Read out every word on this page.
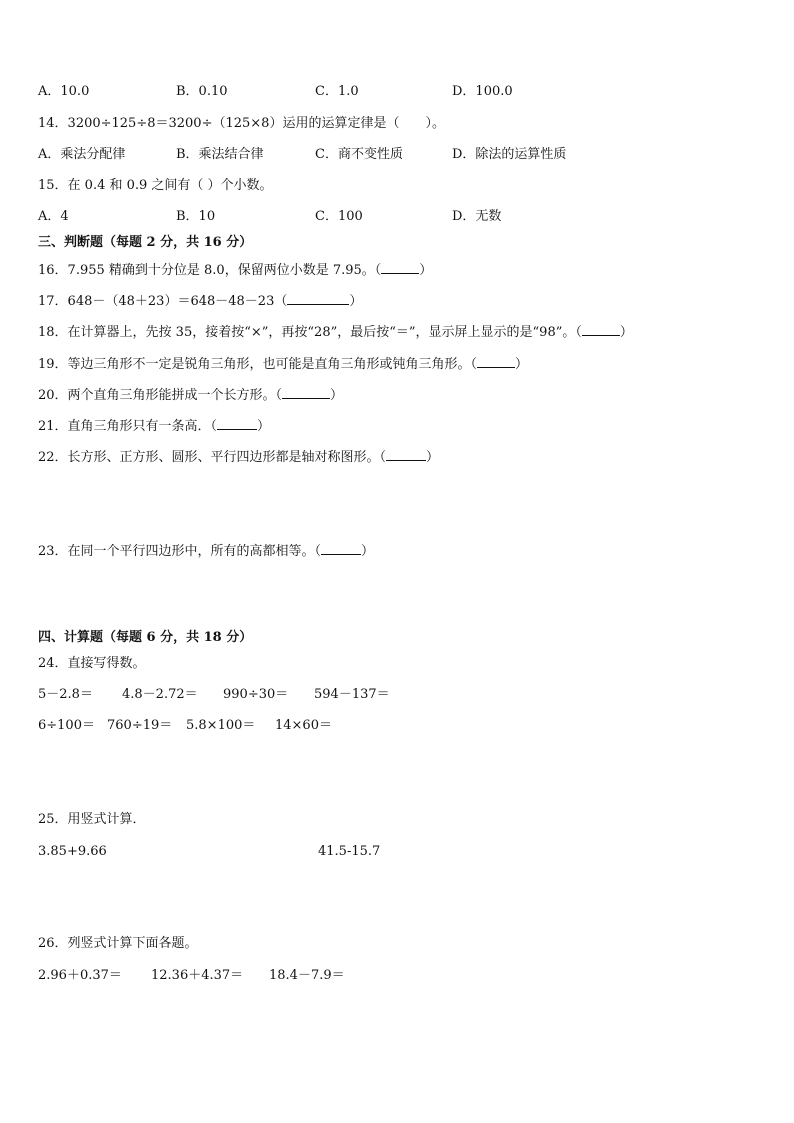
A．10.0	B．0.10	C．1.0	D．100.0
14．3200÷125÷8＝3200÷（125×8）运用的运算定律是（ ）。
A．乘法分配律	B．乘法结合律	C．商不变性质	D．除法的运算性质
15．在 0.4 和 0.9 之间有（ ）个小数。
A．4	B．10	C．100	D．无数
三、判断题（每题 2 分，共 16 分）
16．7.955 精确到十分位是 8.0，保留两位小数是 7.95。（	）
17．648－（48＋23）＝648－48－23（	）
18．在计算器上，先按 35，接着按“×”，再按“28”，最后按“＝”，显示屏上显示的是“98”。（	）
19．等边三角形不一定是锐角三角形，也可能是直角三角形或钝角三角形。（	）
20．两个直角三角形能拼成一个长方形。（	）
21．直角三角形只有一条高．（	）
22．长方形、正方形、圆形、平行四边形都是轴对称图形。（	）
23．在同一个平行四边形中，所有的高都相等。（	）
四、计算题（每题 6 分，共 18 分）
24．直接写得数。
5－2.8＝ 4.8－2.72＝ 990÷30＝ 594－137＝
6÷100＝ 760÷19＝ 5.8×100＝ 14×60＝
25．用竖式计算．
3.85+9.66	41.5-15.7
26．列竖式计算下面各题。
2.96＋0.37＝ 12.36＋4.37＝ 18.4－7.9＝
